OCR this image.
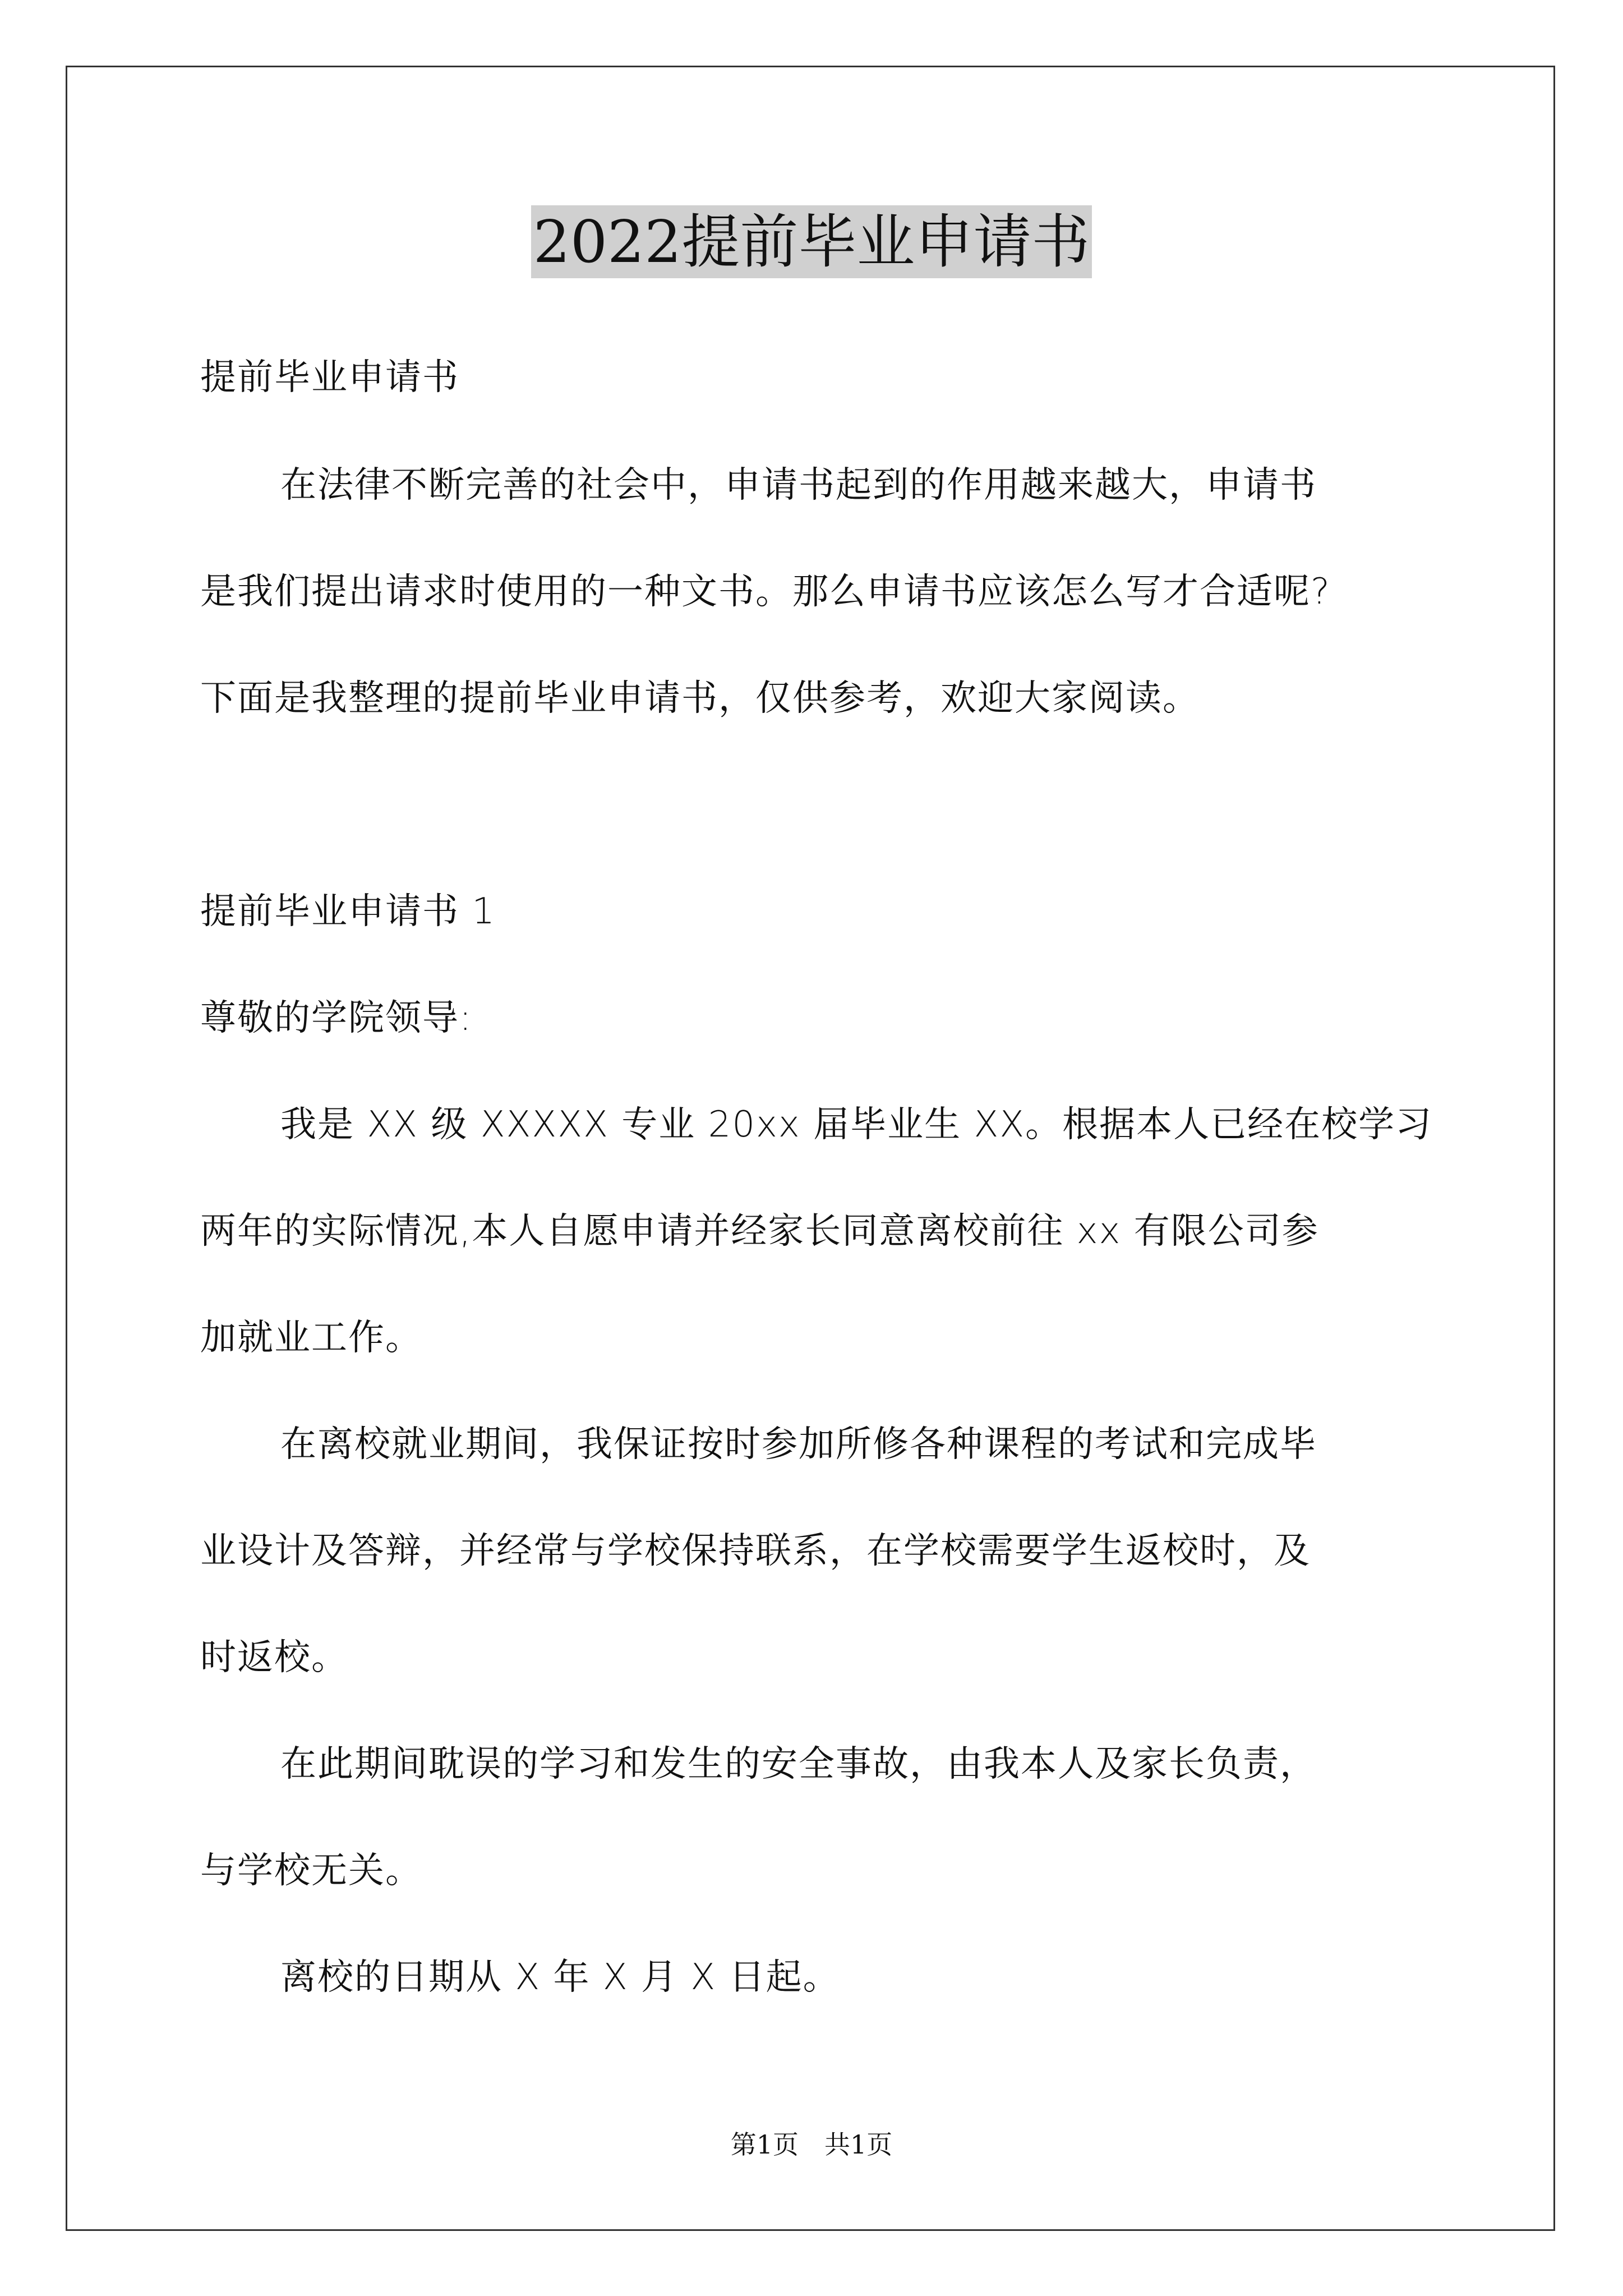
2022提前毕业申请书
提前毕业申请书
在法律不断完善的社会中，申请书起到的作用越来越大，申请书
是我们提出请求时使用的一种文书。那么申请书应该怎么写才合适呢?
下面是我整理的提前毕业申请书，仅供参考，欢迎大家阅读。
提前毕业申请书 1
尊敬的学院领导:
我是 XX 级 XXXXX 专业 20xx 届毕业生 XX。根据本人已经在校学习
两年的实际情况,本人自愿申请并经家长同意离校前往 xx 有限公司参
加就业工作。
在离校就业期间，我保证按时参加所修各种课程的考试和完成毕
业设计及答辩，并经常与学校保持联系，在学校需要学生返校时，及
时返校。
在此期间耽误的学习和发生的安全事故，由我本人及家长负责，
与学校无关。
离校的日期从 X 年 X 月 X 日起。
第1页　共1页
